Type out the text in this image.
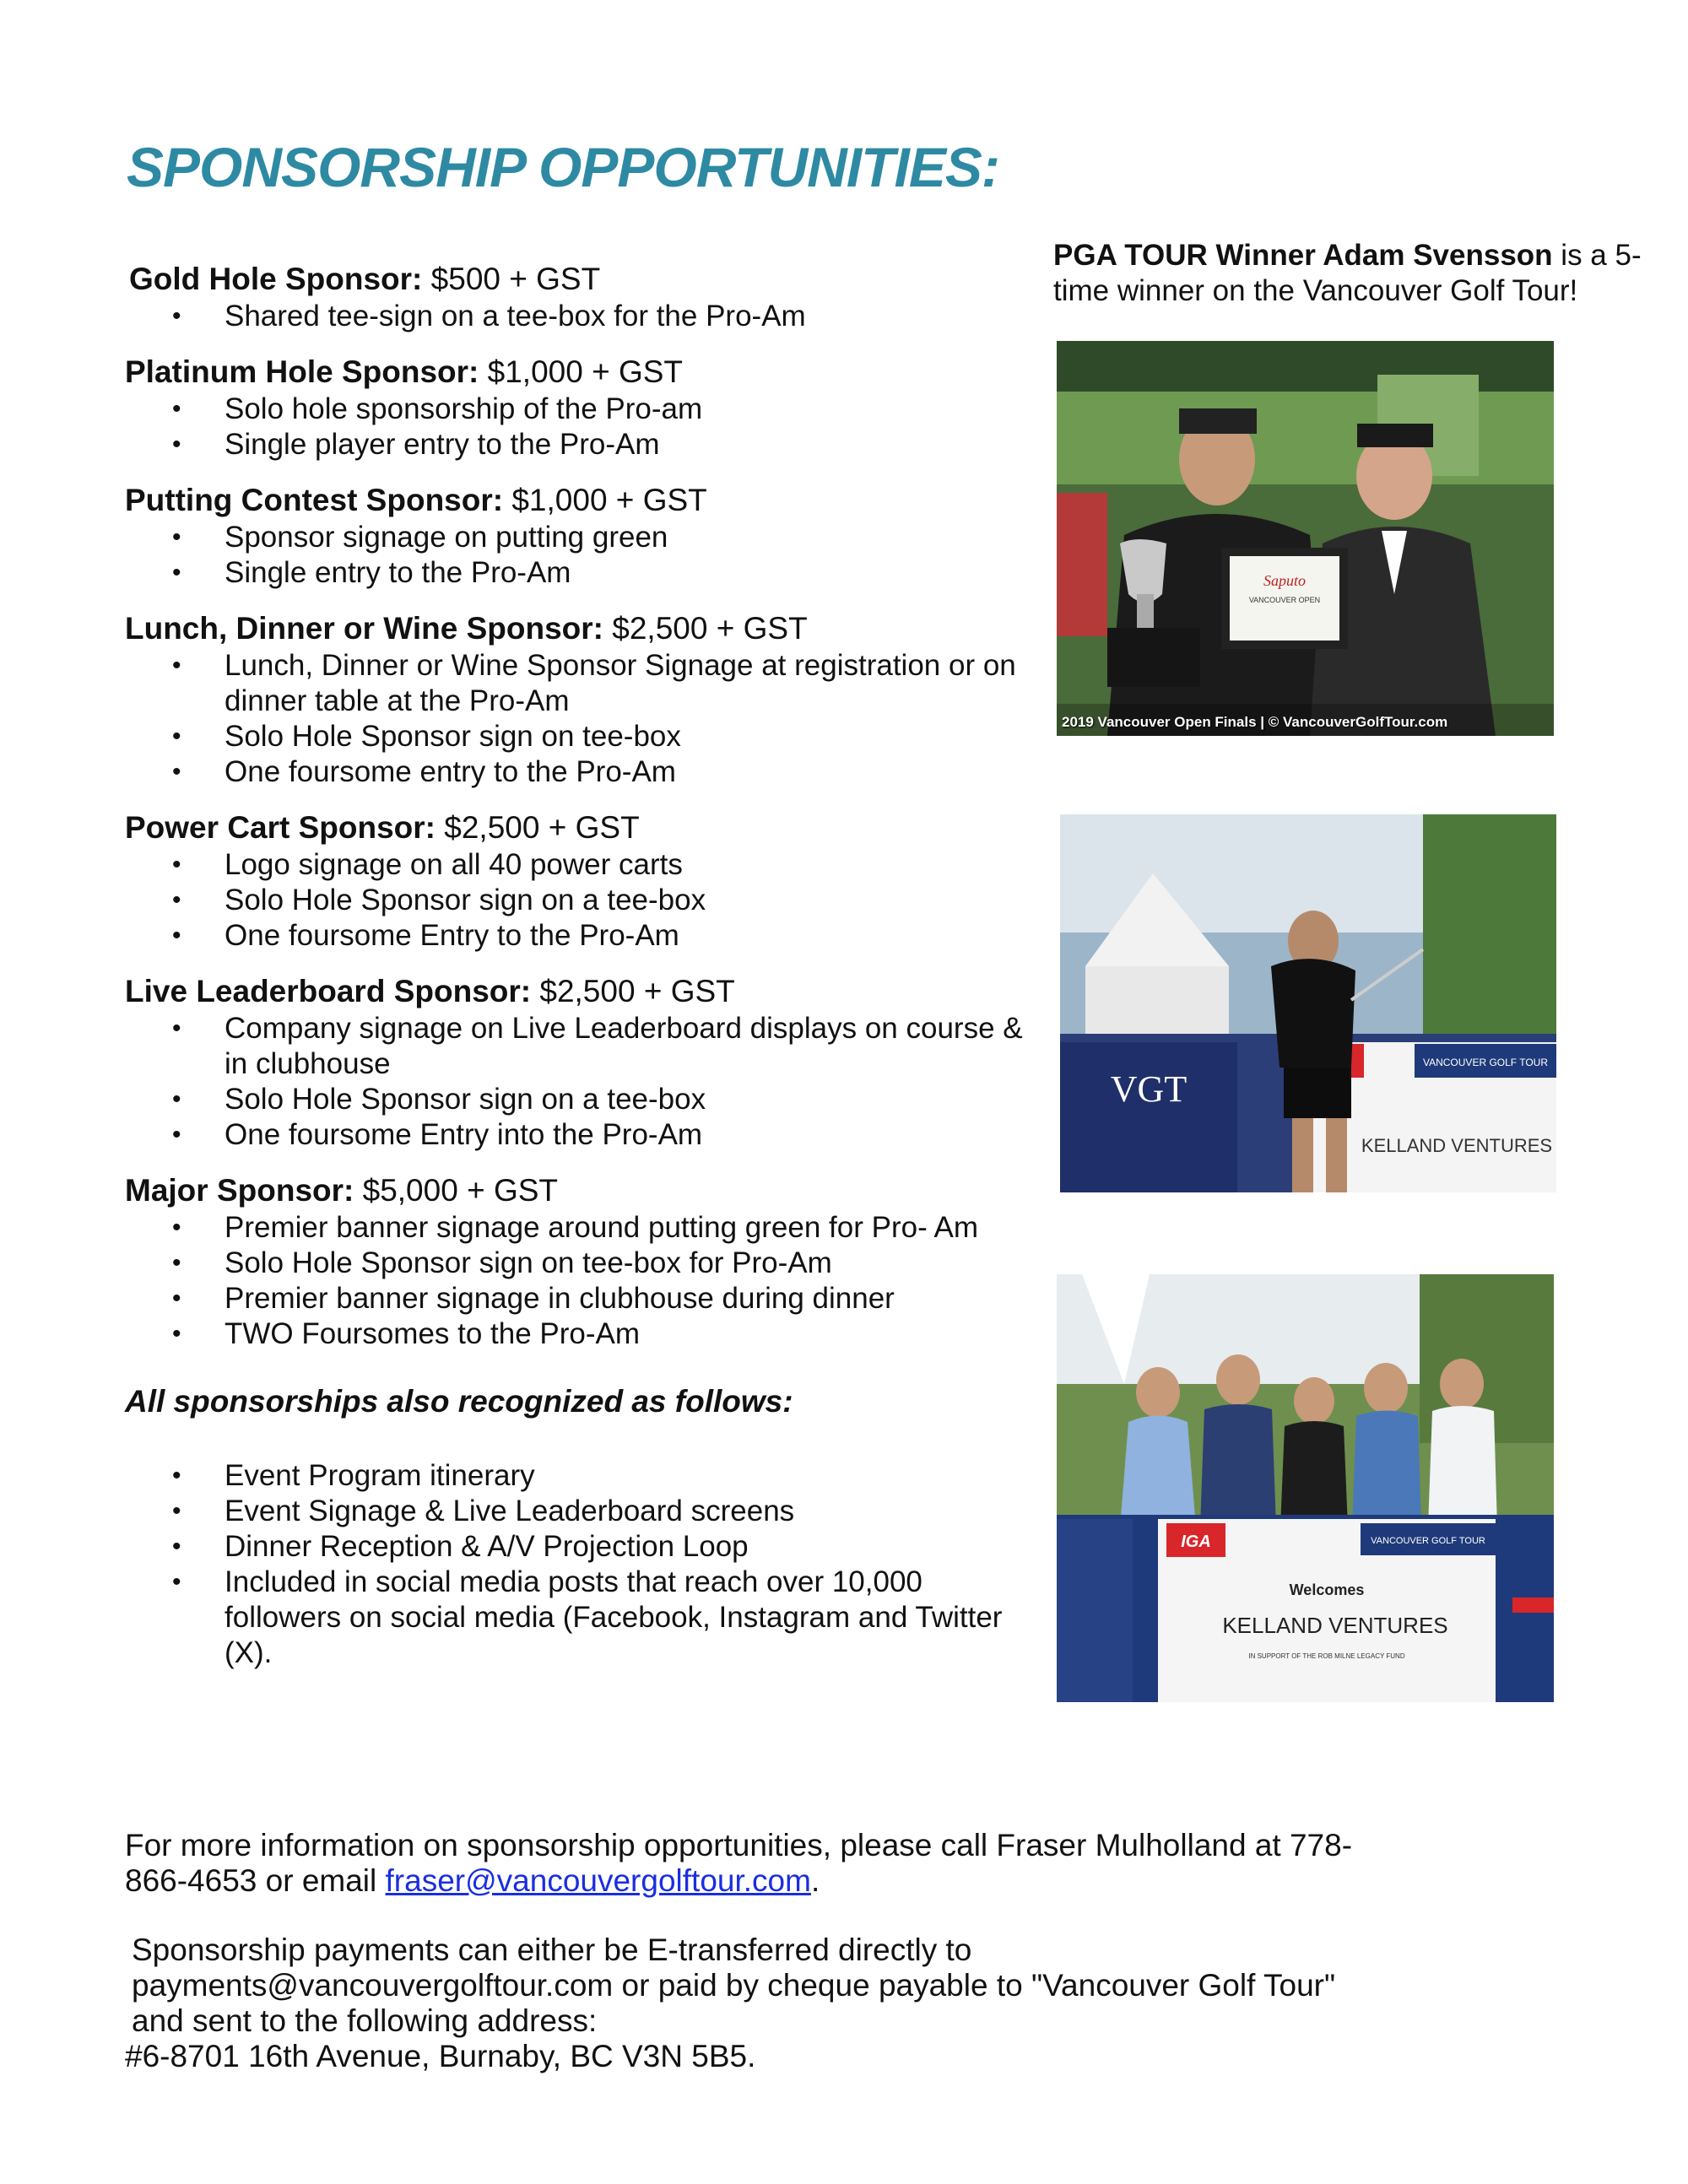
SPONSORSHIP OPPORTUNITIES:
Gold Hole Sponsor: $500 + GST
• Shared tee-sign on a tee-box for the Pro-Am
Platinum Hole Sponsor: $1,000 + GST
• Solo hole sponsorship of the Pro-am
• Single player entry to the Pro-Am
Putting Contest Sponsor: $1,000 + GST
• Sponsor signage on putting green
• Single entry to the Pro-Am
Lunch, Dinner or Wine Sponsor: $2,500 + GST
• Lunch, Dinner or Wine Sponsor Signage at registration or on dinner table at the Pro-Am
• Solo Hole Sponsor sign on tee-box
• One foursome entry to the Pro-Am
Power Cart Sponsor: $2,500 + GST
• Logo signage on all 40 power carts
• Solo Hole Sponsor sign on a tee-box
• One foursome Entry to the Pro-Am
Live Leaderboard Sponsor: $2,500 + GST
• Company signage on Live Leaderboard displays on course & in clubhouse
• Solo Hole Sponsor sign on a tee-box
• One foursome Entry into the Pro-Am
Major Sponsor: $5,000 + GST
• Premier banner signage around putting green for Pro- Am
• Solo Hole Sponsor sign on tee-box for Pro-Am
• Premier banner signage in clubhouse during dinner
• TWO Foursomes to the Pro-Am
All sponsorships also recognized as follows:
• Event Program itinerary
• Event Signage & Live Leaderboard screens
• Dinner Reception & A/V Projection Loop
• Included in social media posts that reach over 10,000 followers on social media (Facebook, Instagram and Twitter (X).

For more information on sponsorship opportunities, please call Fraser Mulholland at 778-866-4653 or email fraser@vancouvergolftour.com.

Sponsorship payments can either be E-transferred directly to payments@vancouvergolftour.com or paid by cheque payable to "Vancouver Golf Tour" and sent to the following address:

#6-8701 16th Avenue, Burnaby, BC V3N 5B5.

PGA TOUR Winner Adam Svensson is a 5-time winner on the Vancouver Golf Tour!
Saputo
VANCOUVER OPEN
2019 Vancouver Open Finals | © VancouverGolfTour.com
VGT
VANCOUVER GOLF TOUR
KELLAND VENTURES
IGA	VANCOUVER GOLF TOUR
Welcomes
KELLAND VENTURES
IN SUPPORT OF THE ROB MILNE LEGACY FUND
